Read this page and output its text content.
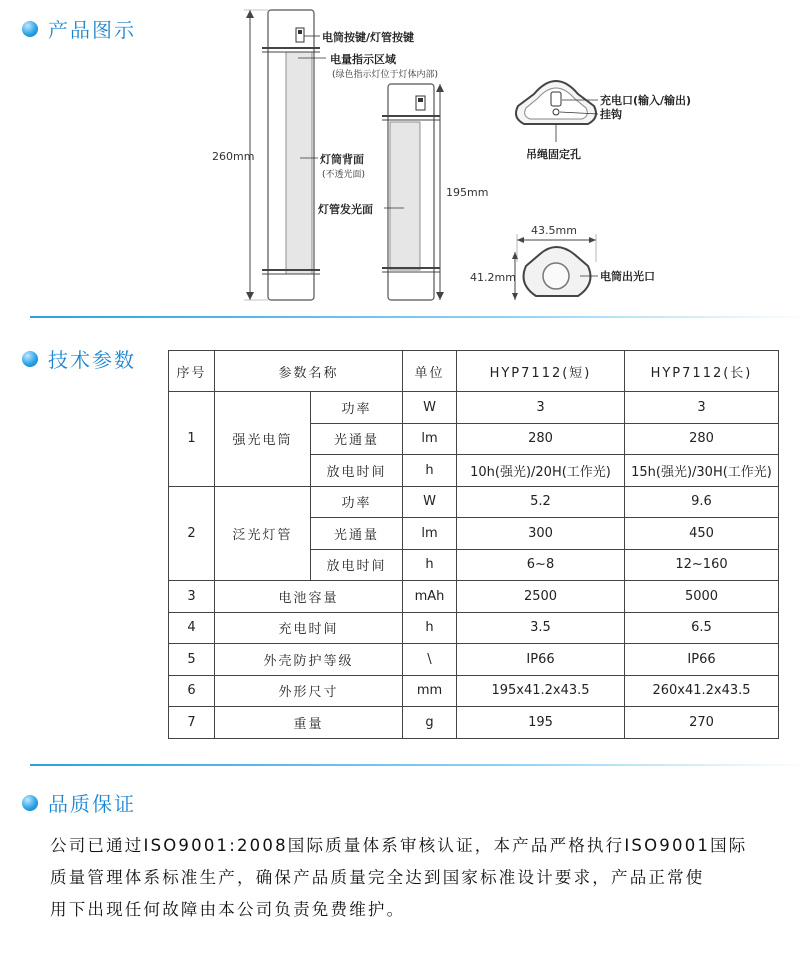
产品图示
260mm
195mm
电筒按键/灯管按键
电量指示区域
(绿色指示灯位于灯体内部)
灯筒背面
(不透光面)
灯管发光面
充电口(输入/输出)
挂钩
吊绳固定孔
43.5mm
41.2mm	电筒出光口
技术参数
序号	参数名称		单位	HYP7112(短)	HYP7112(长)
1	强光电筒	功率	W	3	3
		光通量	lm	280	280
		放电时间	h	10h(强光)/20H(工作光)	15h(强光)/30H(工作光)
2	泛光灯管	功率	W	5.2	9.6
		光通量	lm	300	450
		放电时间	h	6~8	12~160
3	电池容量		mAh	2500	5000
4	充电时间		h	3.5	6.5
5	外壳防护等级		\	IP66	IP66
6	外形尺寸		mm	195x41.2x43.5	260x41.2x43.5
7	重量		g	195	270
品质保证
公司已通过ISO9001:2008国际质量体系审核认证，本产品严格执行ISO9001国际
质量管理体系标准生产，确保产品质量完全达到国家标准设计要求，产品正常使
用下出现任何故障由本公司负责免费维护。
